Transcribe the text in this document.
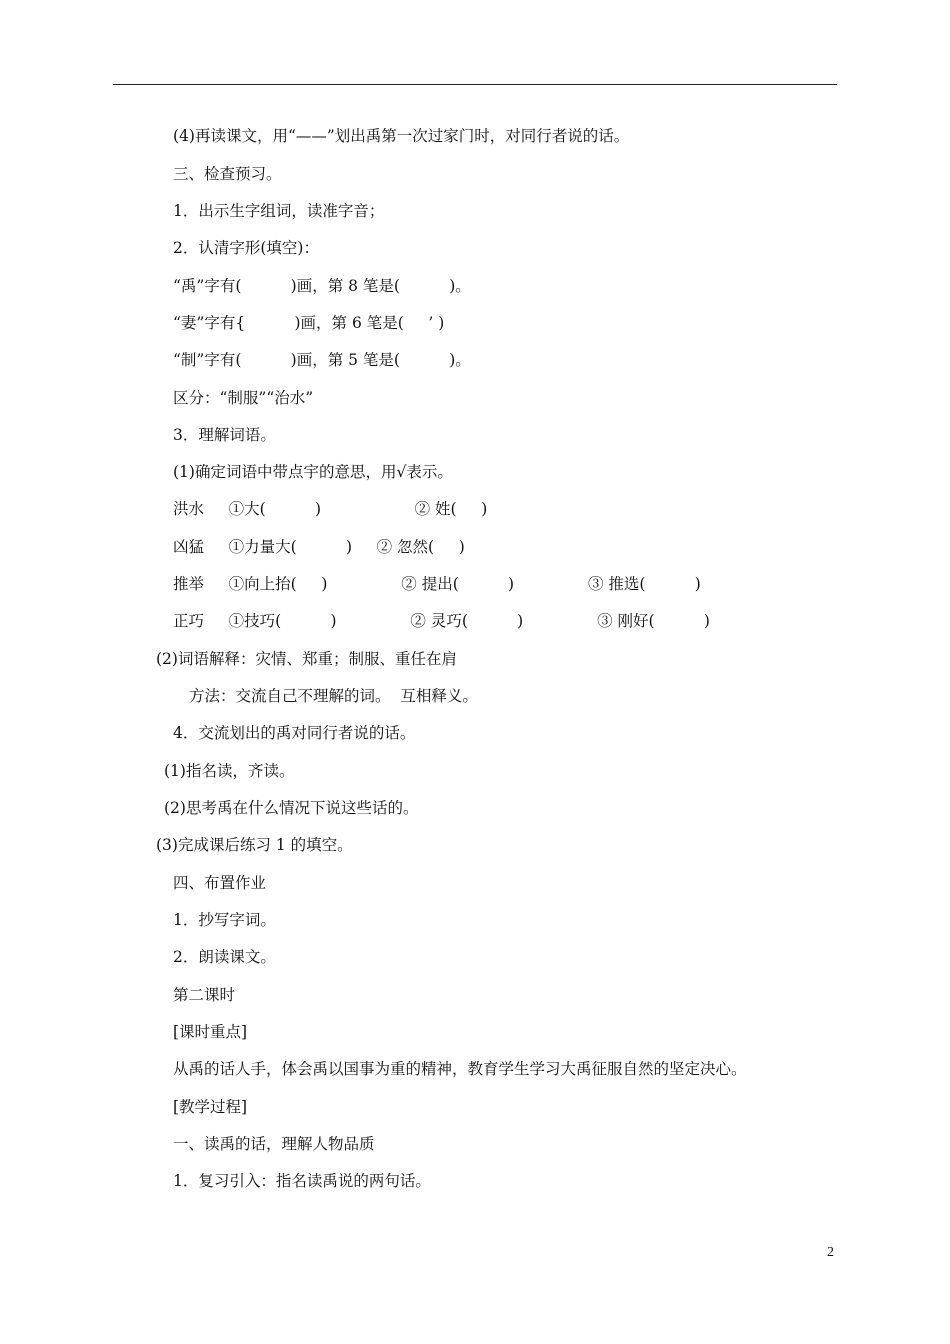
(4)再读课文，用“——”划出禹第一次过家门时，对同行者说的话。
三、检查预习。
1．出示生字组词，读准字音；
2．认清字形(填空)：
“禹”字有(          )画，第 8 笔是(          )。
“妻”字有{          )画，第 6 笔是(     ’ )
“制”字有(          )画，第 5 笔是(          )。
区分：“制服”“治水”
3．理解词语。
(1)确定词语中带点宇的意思，用√表示。
洪水     ①大(          )                   ② 姓(     )
凶猛     ①力量大(          )     ② 忽然(     )
推举     ①向上抬(     )               ② 提出(          )               ③ 推选(          )
正巧     ①技巧(          )               ② 灵巧(          )               ③ 刚好(          )
(2)词语解释：灾情、郑重；制服、重任在肩
方法：交流自己不理解的词。  互相释义。
4．交流划出的禹对同行者说的话。
(1)指名读，齐读。
(2)思考禹在什么情况下说这些话的。
(3)完成课后练习 1 的填空。
四、布置作业
1．抄写字词。
2．朗读课文。
第二课时
[课时重点]
从禹的话人手，体会禹以国事为重的精神，教育学生学习大禹征服自然的坚定决心。
[教学过程]
一、读禹的话，理解人物品质
1．复习引入：指名读禹说的两句话。
2
